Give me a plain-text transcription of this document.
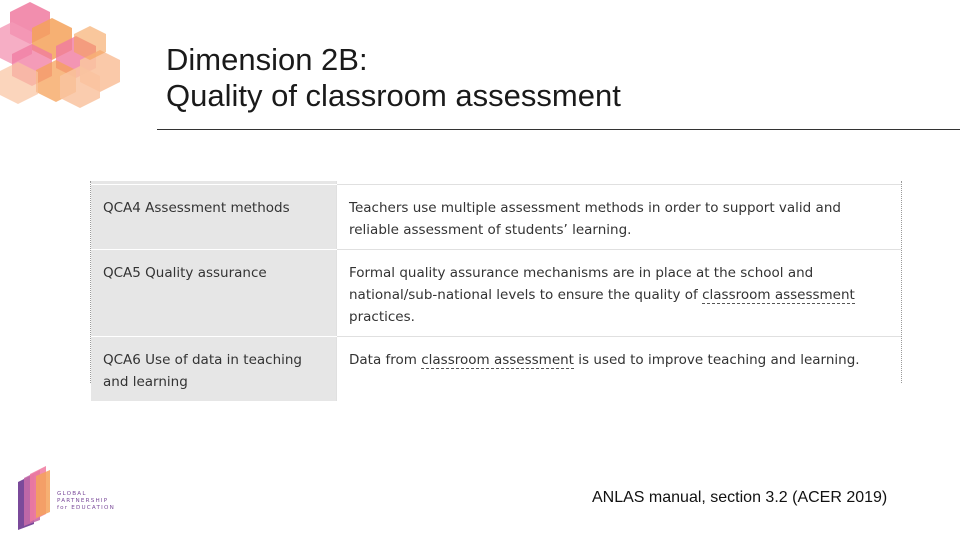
Dimension 2B:
Quality of classroom assessment

QCA4 Assessment methods	Teachers use multiple assessment methods in order to support valid and reliable assessment of students’ learning.
QCA5 Quality assurance	Formal quality assurance mechanisms are in place at the school and national/sub-national levels to ensure the quality of classroom assessment practices.
QCA6 Use of data in teaching and learning	Data from classroom assessment is used to improve teaching and learning.
GLOBAL
PARTNERSHIP
for EDUCATION
ANLAS manual, section 3.2 (ACER 2019)
